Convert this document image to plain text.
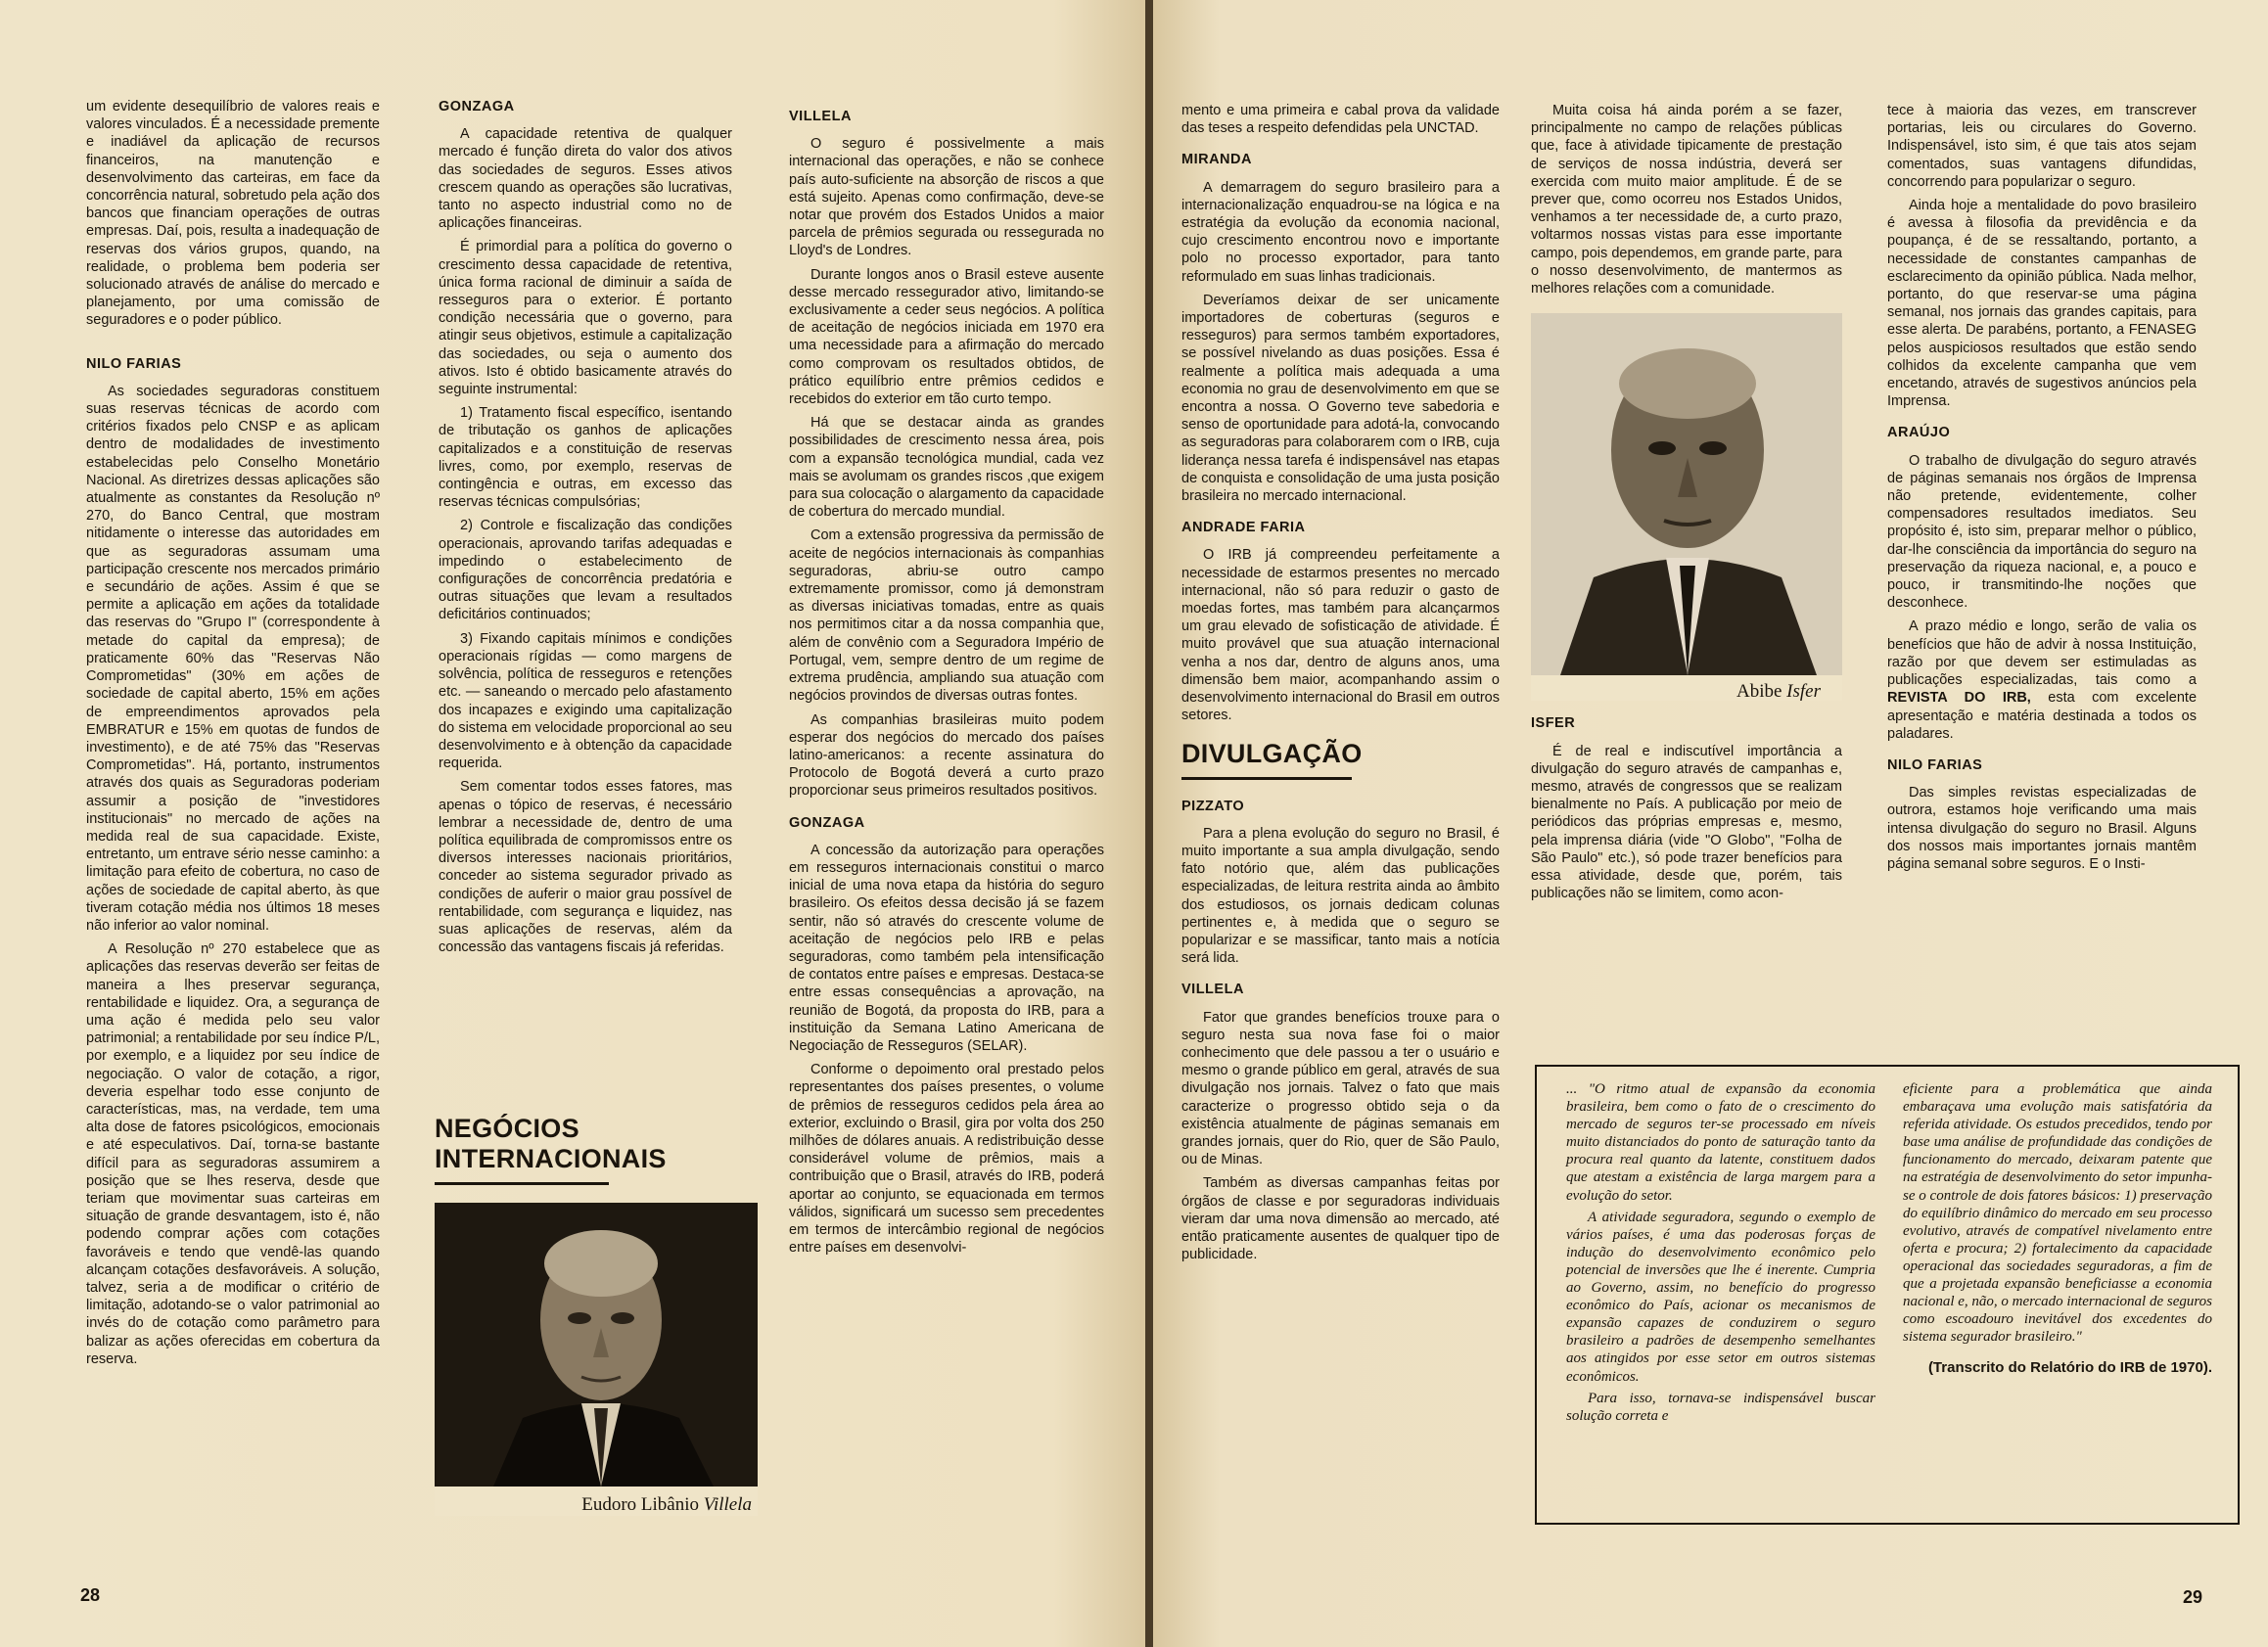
um evidente desequilíbrio de valores reais e valores vinculados. É a necessidade premente e inadiável da aplicação de recursos financeiros, na manutenção e desenvolvimento das carteiras, em face da concorrência natural, sobretudo pela ação dos bancos que financiam operações de outras empresas. Daí, pois, resulta a inadequação de reservas dos vários grupos, quando, na realidade, o problema bem poderia ser solucionado através de análise do mercado e planejamento, por uma comissão de seguradores e o poder público.

NILO FARIAS

As sociedades seguradoras constituem suas reservas técnicas de acordo com critérios fixados pelo CNSP e as aplicam dentro de modalidades de investimento estabelecidas pelo Conselho Monetário Nacional. As diretrizes dessas aplicações são atualmente as constantes da Resolução nº 270, do Banco Central, que mostram nitidamente o interesse das autoridades em que as seguradoras assumam uma participação crescente nos mercados primário e secundário de ações. Assim é que se permite a aplicação em ações da totalidade das reservas do "Grupo I" (correspondente à metade do capital da empresa); de praticamente 60% das "Reservas Não Comprometidas" (30% em ações de sociedade de capital aberto, 15% em ações de empreendimentos aprovados pela EMBRATUR e 15% em quotas de fundos de investimento), e de até 75% das "Reservas Comprometidas". Há, portanto, instrumentos através dos quais as Seguradoras poderiam assumir a posição de "investidores institucionais" no mercado de ações na medida real de sua capacidade. Existe, entretanto, um entrave sério nesse caminho: a limitação para efeito de cobertura, no caso de ações de sociedade de capital aberto, às que tiveram cotação média nos últimos 18 meses não inferior ao valor nominal.

A Resolução nº 270 estabelece que as aplicações das reservas deverão ser feitas de maneira a lhes preservar segurança, rentabilidade e liquidez. Ora, a segurança de uma ação é medida pelo seu valor patrimonial; a rentabilidade por seu índice P/L, por exemplo, e a liquidez por seu índice de negociação. O valor de cotação, a rigor, deveria espelhar todo esse conjunto de características, mas, na verdade, tem uma alta dose de fatores psicológicos, emocionais e até especulativos. Daí, torna-se bastante difícil para as seguradoras assumirem a posição que se lhes reserva, desde que teriam que movimentar suas carteiras em situação de grande desvantagem, isto é, não podendo comprar ações com cotações favoráveis e tendo que vendê-las quando alcançam cotações desfavoráveis. A solução, talvez, seria a de modificar o critério de limitação, adotando-se o valor patrimonial ao invés do de cotação como parâmetro para balizar as ações oferecidas em cobertura da reserva.

GONZAGA

A capacidade retentiva de qualquer mercado é função direta do valor dos ativos das sociedades de seguros. Esses ativos crescem quando as operações são lucrativas, tanto no aspecto industrial como no de aplicações financeiras.

É primordial para a política do governo o crescimento dessa capacidade de retentiva, única forma racional de diminuir a saída de resseguros para o exterior. É portanto condição necessária que o governo, para atingir seus objetivos, estimule a capitalização das sociedades, ou seja o aumento dos ativos. Isto é obtido basicamente através do seguinte instrumental:

1) Tratamento fiscal específico, isentando de tributação os ganhos de aplicações capitalizados e a constituição de reservas livres, como, por exemplo, reservas de contingência e outras, em excesso das reservas técnicas compulsórias;

2) Controle e fiscalização das condições operacionais, aprovando tarifas adequadas e impedindo o estabelecimento de configurações de concorrência predatória e outras situações que levam a resultados deficitários continuados;

3) Fixando capitais mínimos e condições operacionais rígidas — como margens de solvência, política de resseguros e retenções etc. — saneando o mercado pelo afastamento dos incapazes e exigindo uma capitalização do sistema em velocidade proporcional ao seu desenvolvimento e à obtenção da capacidade requerida.

Sem comentar todos esses fatores, mas apenas o tópico de reservas, é necessário lembrar a necessidade de, dentro de uma política equilibrada de compromissos entre os diversos interesses nacionais prioritários, conceder ao sistema segurador privado as condições de auferir o maior grau possível de rentabilidade, com segurança e liquidez, nas suas aplicações de reservas, além da concessão das vantagens fiscais já referidas.

NEGÓCIOS
INTERNACIONAIS
Eudoro Libânio Villela
VILLELA

O seguro é possivelmente a mais internacional das operações, e não se conhece país auto-suficiente na absorção de riscos a que está sujeito. Apenas como confirmação, deve-se notar que provém dos Estados Unidos a maior parcela de prêmios segurada ou ressegurada no Lloyd's de Londres.

Durante longos anos o Brasil esteve ausente desse mercado ressegurador ativo, limitando-se exclusivamente a ceder seus negócios. A política de aceitação de negócios iniciada em 1970 era uma necessidade para a afirmação do mercado como comprovam os resultados obtidos, de prático equilíbrio entre prêmios cedidos e recebidos do exterior em tão curto tempo.

Há que se destacar ainda as grandes possibilidades de crescimento nessa área, pois com a expansão tecnológica mundial, cada vez mais se avolumam os grandes riscos ,que exigem para sua colocação o alargamento da capacidade de cobertura do mercado mundial.

Com a extensão progressiva da permissão de aceite de negócios internacionais às companhias seguradoras, abriu-se outro campo extremamente promissor, como já demonstram as diversas iniciativas tomadas, entre as quais nos permitimos citar a da nossa companhia que, além de convênio com a Seguradora Império de Portugal, vem, sempre dentro de um regime de extrema prudência, ampliando sua atuação com negócios provindos de diversas outras fontes.

As companhias brasileiras muito podem esperar dos negócios do mercado dos países latino-americanos: a recente assinatura do Protocolo de Bogotá deverá a curto prazo proporcionar seus primeiros resultados positivos.

GONZAGA

A concessão da autorização para operações em resseguros internacionais constitui o marco inicial de uma nova etapa da história do seguro brasileiro. Os efeitos dessa decisão já se fazem sentir, não só através do crescente volume de aceitação de negócios pelo IRB e pelas seguradoras, como também pela intensificação de contatos entre países e empresas. Destaca-se entre essas consequências a aprovação, na reunião de Bogotá, da proposta do IRB, para a instituição da Semana Latino Americana de Negociação de Resseguros (SELAR).

Conforme o depoimento oral prestado pelos representantes dos países presentes, o volume de prêmios de resseguros cedidos pela área ao exterior, excluindo o Brasil, gira por volta dos 250 milhões de dólares anuais. A redistribuição desse considerável volume de prêmios, mais a contribuição que o Brasil, através do IRB, poderá aportar ao conjunto, se equacionada em termos válidos, significará um sucesso sem precedentes em termos de intercâmbio regional de negócios entre países em desenvolvi-

28

mento e uma primeira e cabal prova da validade das teses a respeito defendidas pela UNCTAD.

MIRANDA

A demarragem do seguro brasileiro para a internacionalização enquadrou-se na lógica e na estratégia da evolução da economia nacional, cujo crescimento encontrou novo e importante polo no processo exportador, para tanto reformulado em suas linhas tradicionais.

Deveríamos deixar de ser unicamente importadores de coberturas (seguros e resseguros) para sermos também exportadores, se possível nivelando as duas posições. Essa é realmente a política mais adequada a uma economia no grau de desenvolvimento em que se encontra a nossa. O Governo teve sabedoria e senso de oportunidade para adotá-la, convocando as seguradoras para colaborarem com o IRB, cuja liderança nessa tarefa é indispensável nas etapas de conquista e consolidação de uma justa posição brasileira no mercado internacional.

ANDRADE FARIA

O IRB já compreendeu perfeitamente a necessidade de estarmos presentes no mercado internacional, não só para reduzir o gasto de moedas fortes, mas também para alcançarmos um grau elevado de sofisticação de atividade. É muito provável que sua atuação internacional venha a nos dar, dentro de alguns anos, uma dimensão bem maior, acompanhando assim o desenvolvimento internacional do Brasil em outros setores.

DIVULGAÇÃO
PIZZATO

Para a plena evolução do seguro no Brasil, é muito importante a sua ampla divulgação, sendo fato notório que, além das publicações especializadas, de leitura restrita ainda ao âmbito dos estudiosos, os jornais dedicam colunas pertinentes e, à medida que o seguro se popularizar e se massificar, tanto mais a notícia será lida.

VILLELA

Fator que grandes benefícios trouxe para o seguro nesta sua nova fase foi o maior conhecimento que dele passou a ter o usuário e mesmo o grande público em geral, através de sua divulgação nos jornais. Talvez o fato que mais caracterize o progresso obtido seja o da existência atualmente de páginas semanais em grandes jornais, quer do Rio, quer de São Paulo, ou de Minas.

Também as diversas campanhas feitas por órgãos de classe e por seguradoras individuais vieram dar uma nova dimensão ao mercado, até então praticamente ausentes de qualquer tipo de publicidade.

Muita coisa há ainda porém a se fazer, principalmente no campo de relações públicas que, face à atividade tipicamente de prestação de serviços de nossa indústria, deverá ser exercida com muito maior amplitude. É de se prever que, como ocorreu nos Estados Unidos, venhamos a ter necessidade de, a curto prazo, voltarmos nossas vistas para esse importante campo, pois dependemos, em grande parte, para o nosso desenvolvimento, de mantermos as melhores relações com a comunidade.

Abibe Isfer
ISFER

É de real e indiscutível importância a divulgação do seguro através de campanhas e, mesmo, através de congressos que se realizam bienalmente no País. A publicação por meio de periódicos das próprias empresas e, mesmo, pela imprensa diária (vide "O Globo", "Folha de São Paulo" etc.), só pode trazer benefícios para essa atividade, desde que, porém, tais publicações não se limitem, como acon-

tece à maioria das vezes, em transcrever portarias, leis ou circulares do Governo. Indispensável, isto sim, é que tais atos sejam comentados, suas vantagens difundidas, concorrendo para popularizar o seguro.

Ainda hoje a mentalidade do povo brasileiro é avessa à filosofia da previdência e da poupança, é de se ressaltando, portanto, a necessidade de constantes campanhas de esclarecimento da opinião pública. Nada melhor, portanto, do que reservar-se uma página semanal, nos jornais das grandes capitais, para esse alerta. De parabéns, portanto, a FENASEG pelos auspiciosos resultados que estão sendo colhidos da excelente campanha que vem encetando, através de sugestivos anúncios pela Imprensa.

ARAÚJO

O trabalho de divulgação do seguro através de páginas semanais nos órgãos de Imprensa não pretende, evidentemente, colher compensadores resultados imediatos. Seu propósito é, isto sim, preparar melhor o público, dar-lhe consciência da importância do seguro na preservação da riqueza nacional, e, a pouco e pouco, ir transmitindo-lhe noções que desconhece.

A prazo médio e longo, serão de valia os benefícios que hão de advir à nossa Instituição, razão por que devem ser estimuladas as publicações especializadas, tais como a REVISTA DO IRB, esta com excelente apresentação e matéria destinada a todos os paladares.

NILO FARIAS

Das simples revistas especializadas de outrora, estamos hoje verificando uma mais intensa divulgação do seguro no Brasil. Alguns dos nossos mais importantes jornais mantêm página semanal sobre seguros. E o Insti-

... "O ritmo atual de expansão da economia brasileira, bem como o fato de o crescimento do mercado de seguros ter-se processado em níveis muito distanciados do ponto de saturação tanto da procura real quanto da latente, constituem dados que atestam a existência de larga margem para a evolução do setor.

A atividade seguradora, segundo o exemplo de vários países, é uma das poderosas forças de indução do desenvolvimento econômico pelo potencial de inversões que lhe é inerente. Cumpria ao Governo, assim, no benefício do progresso econômico do País, acionar os mecanismos de expansão capazes de conduzirem o seguro brasileiro a padrões de desempenho semelhantes aos atingidos por esse setor em outros sistemas econômicos.

Para isso, tornava-se indispensável buscar solução correta e

eficiente para a problemática que ainda embaraçava uma evolução mais satisfatória da referida atividade. Os estudos precedidos, tendo por base uma análise de profundidade das condições de funcionamento do mercado, deixaram patente que na estratégia de desenvolvimento do setor impunha-se o controle de dois fatores básicos: 1) preservação do equilíbrio dinâmico do mercado em seu processo evolutivo, através de compatível nivelamento entre oferta e procura; 2) fortalecimento da capacidade operacional das sociedades seguradoras, a fim de que a projetada expansão beneficiasse a economia nacional e, não, o mercado internacional de seguros como escoadouro inevitável dos excedentes do sistema segurador brasileiro."

(Transcrito do Relatório do IRB de 1970).

29
